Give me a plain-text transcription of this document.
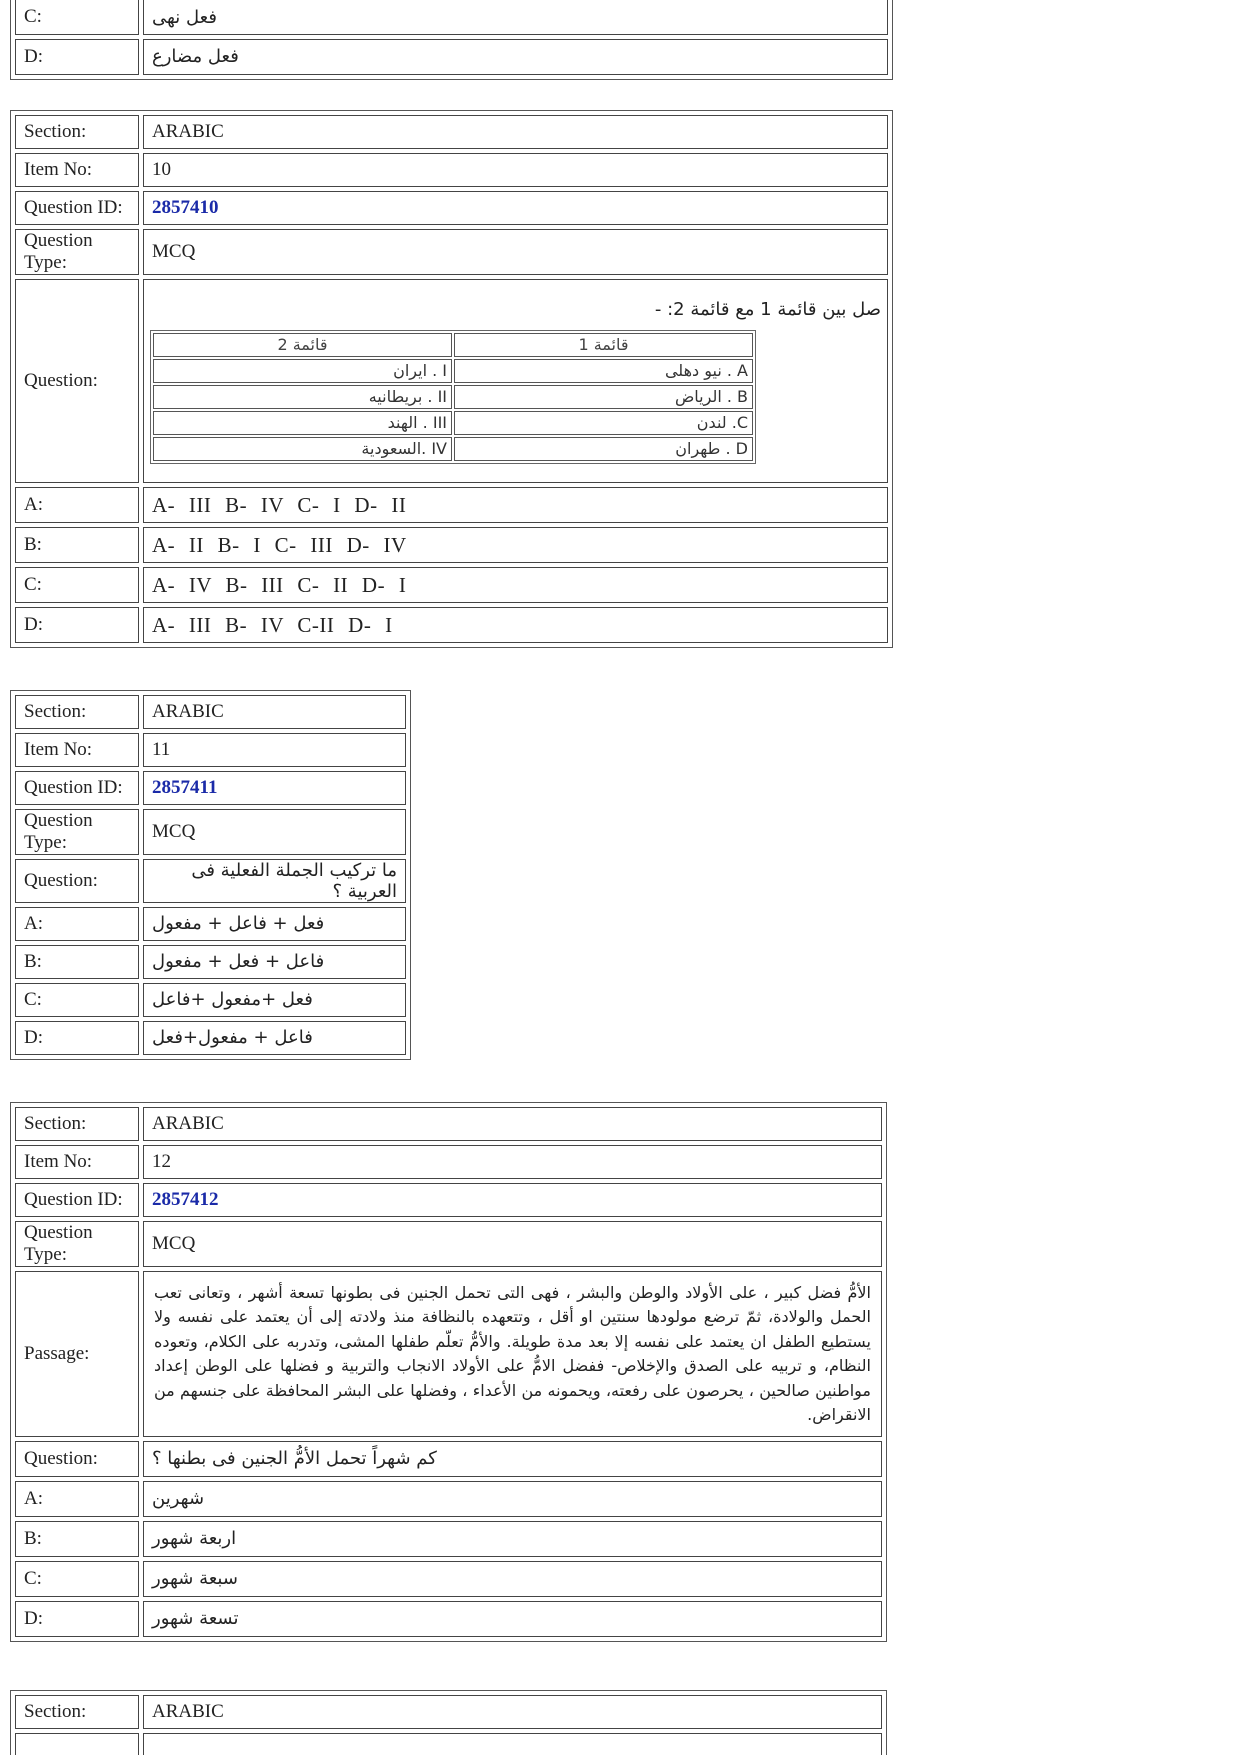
C:	فعل نهى
D:	فعل مضارع
Section:	ARABIC
Item No:	10
Question ID:	2857410
Question Type:	MCQ
Question:	
صل بين قائمة 1 مع قائمة 2: -
قائمة 1	قائمة 2
A . نيو دهلى	I . ايران
B . الرياض	II . بريطانيه
C. لندن	III . الهند
D . طهران	IV .السعودية

A:	A- III B- IV C- I D- II
B:	A- II B- I C- III D- IV
C:	A- IV B- III C- II D- I
D:	A- III B- IV C-II D- I
Section:	ARABIC
Item No:	11
Question ID:	2857411
Question Type:	MCQ
Question:	ما تركيب الجملة الفعلية فى العربية ؟
A:	فعل + فاعل + مفعول
B:	فاعل + فعل + مفعول
C:	فعل +مفعول +فاعل
D:	فاعل + مفعول+فعل
Section:	ARABIC
Item No:	12
Question ID:	2857412
Question Type:	MCQ
Passage:	الأمُّ فضل كبير ، على الأولاد والوطن والبشر ، فهى التى تحمل الجنين فى بطونها تسعة أشهر ، وتعانى تعب الحمل والولادة، ثمّ ترضع مولودها سنتين او أقل ، وتتعهده بالنظافة منذ ولادته إلى أن يعتمد على نفسه ولا يستطيع الطفل ان يعتمد على نفسه إلا بعد مدة طويلة. والأمُّ تعلّم طفلها المشى، وتدربه على الكلام، وتعوده النظام، و تربيه على الصدق والإخلاص- ففضل الامُّ على الأولاد الانجاب والتربية و فضلها على الوطن إعداد مواطنين صالحين ، يحرصون على رفعته، ويحمونه من الأعداء ، وفضلها على البشر المحافظة على جنسهم من الانقراض.

Question:	كم شهراً تحمل الأمُّ الجنين فى بطنها ؟
A:	شهرين
B:	اربعة شهور
C:	سبعة شهور
D:	تسعة شهور
Section:	ARABIC
